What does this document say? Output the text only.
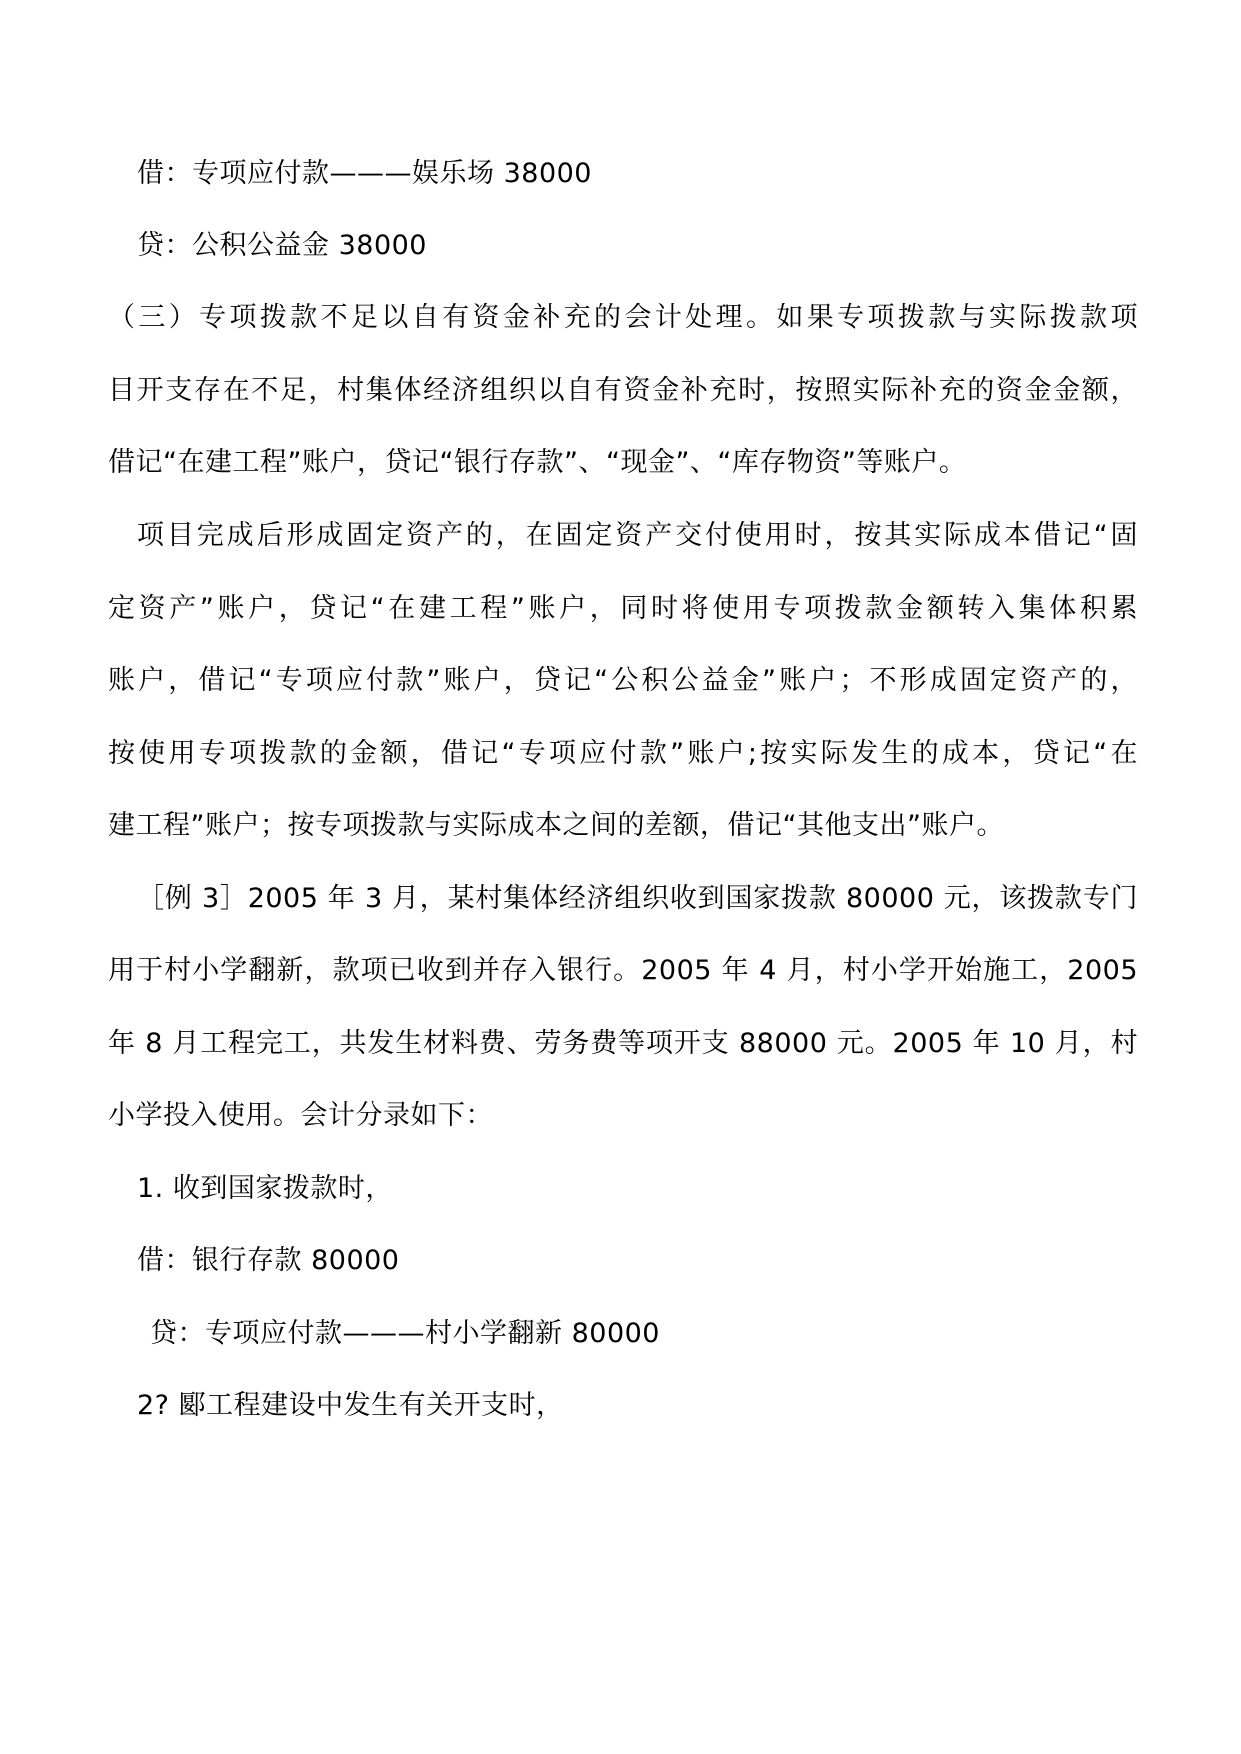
借：专项应付款———娱乐场 38000
贷：公积公益金 38000
（三）专项拨款不足以自有资金补充的会计处理。如果专项拨款与实际拨款项
目开支存在不足，村集体经济组织以自有资金补充时，按照实际补充的资金金额，
借记“在建工程”账户，贷记“银行存款”、“现金”、“库存物资”等账户。
项目完成后形成固定资产的，在固定资产交付使用时，按其实际成本借记“固
定资产”账户，贷记“在建工程”账户，同时将使用专项拨款金额转入集体积累
账户，借记“专项应付款”账户，贷记“公积公益金”账户；不形成固定资产的，
按使用专项拨款的金额，借记“专项应付款”账户;按实际发生的成本，贷记“在
建工程”账户；按专项拨款与实际成本之间的差额，借记“其他支出”账户。
［例 3］2005 年 3 月，某村集体经济组织收到国家拨款 80000 元，该拨款专门
用于村小学翻新，款项已收到并存入银行。2005 年 4 月，村小学开始施工，2005
年 8 月工程完工，共发生材料费、劳务费等项开支 88000 元。2005 年 10 月，村
小学投入使用。会计分录如下：
1. 收到国家拨款时，
借：银行存款 80000
贷：专项应付款———村小学翻新 80000
2? 郾工程建设中发生有关开支时，
